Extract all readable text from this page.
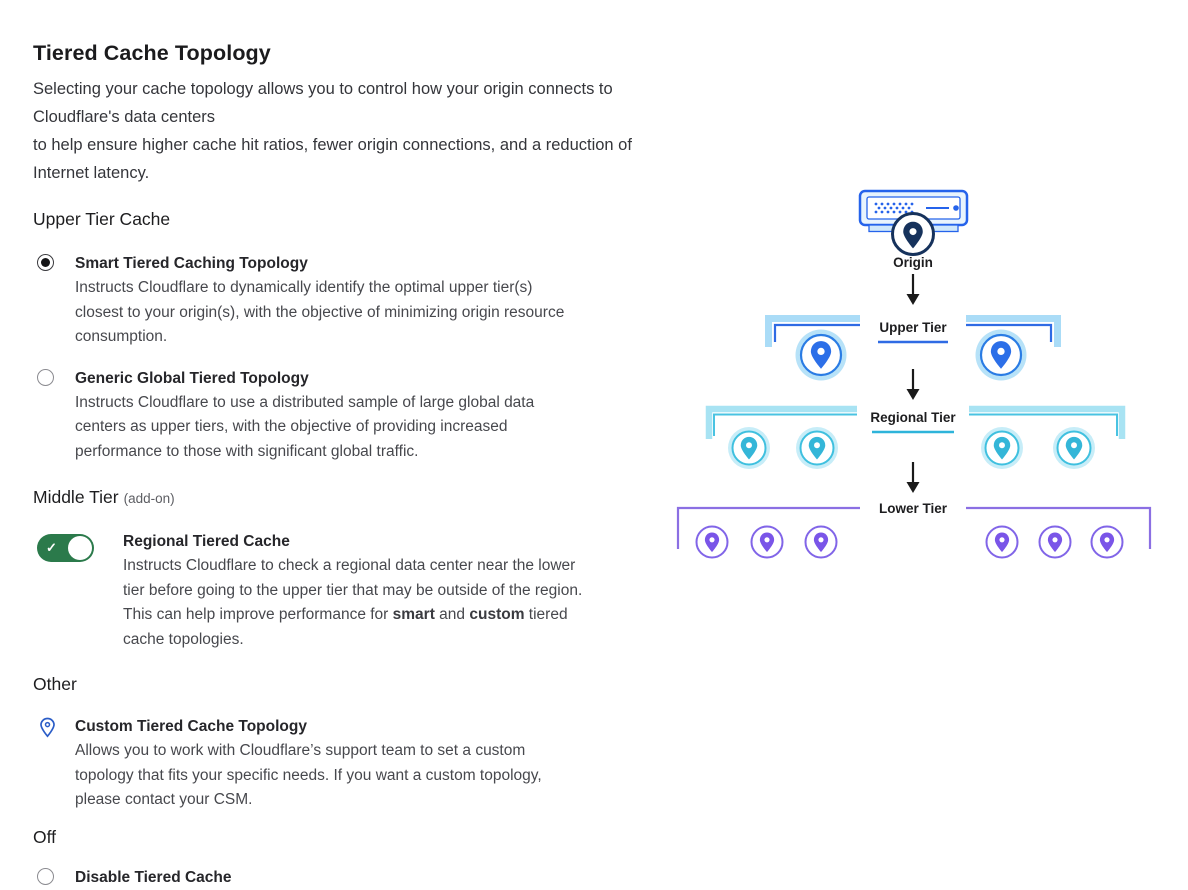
Tiered Cache Topology

Selecting your cache topology allows you to control how your origin connects to Cloudflare's data centers
to help ensure higher cache hit ratios, fewer origin connections, and a reduction of Internet latency.

Upper Tier Cache
Smart Tiered Caching Topology
Instructs Cloudflare to dynamically identify the optimal upper tier(s)
closest to your origin(s), with the objective of minimizing origin resource
consumption.
Generic Global Tiered Topology
Instructs Cloudflare to use a distributed sample of large global data
centers as upper tiers, with the objective of providing increased
performance to those with significant global traffic.
Middle Tier (add-on)
✓	Regional Tiered Cache
Instructs Cloudflare to check a regional data center near the lower
tier before going to the upper tier that may be outside of the region.
This can help improve performance for smart and custom tiered
cache topologies.
Other
Custom Tiered Cache Topology
Allows you to work with Cloudflare’s support team to set a custom
topology that fits your specific needs. If you want a custom topology,
please contact your CSM.
Off
Disable Tiered Cache
Origin
Upper Tier
Regional Tier
Lower Tier
